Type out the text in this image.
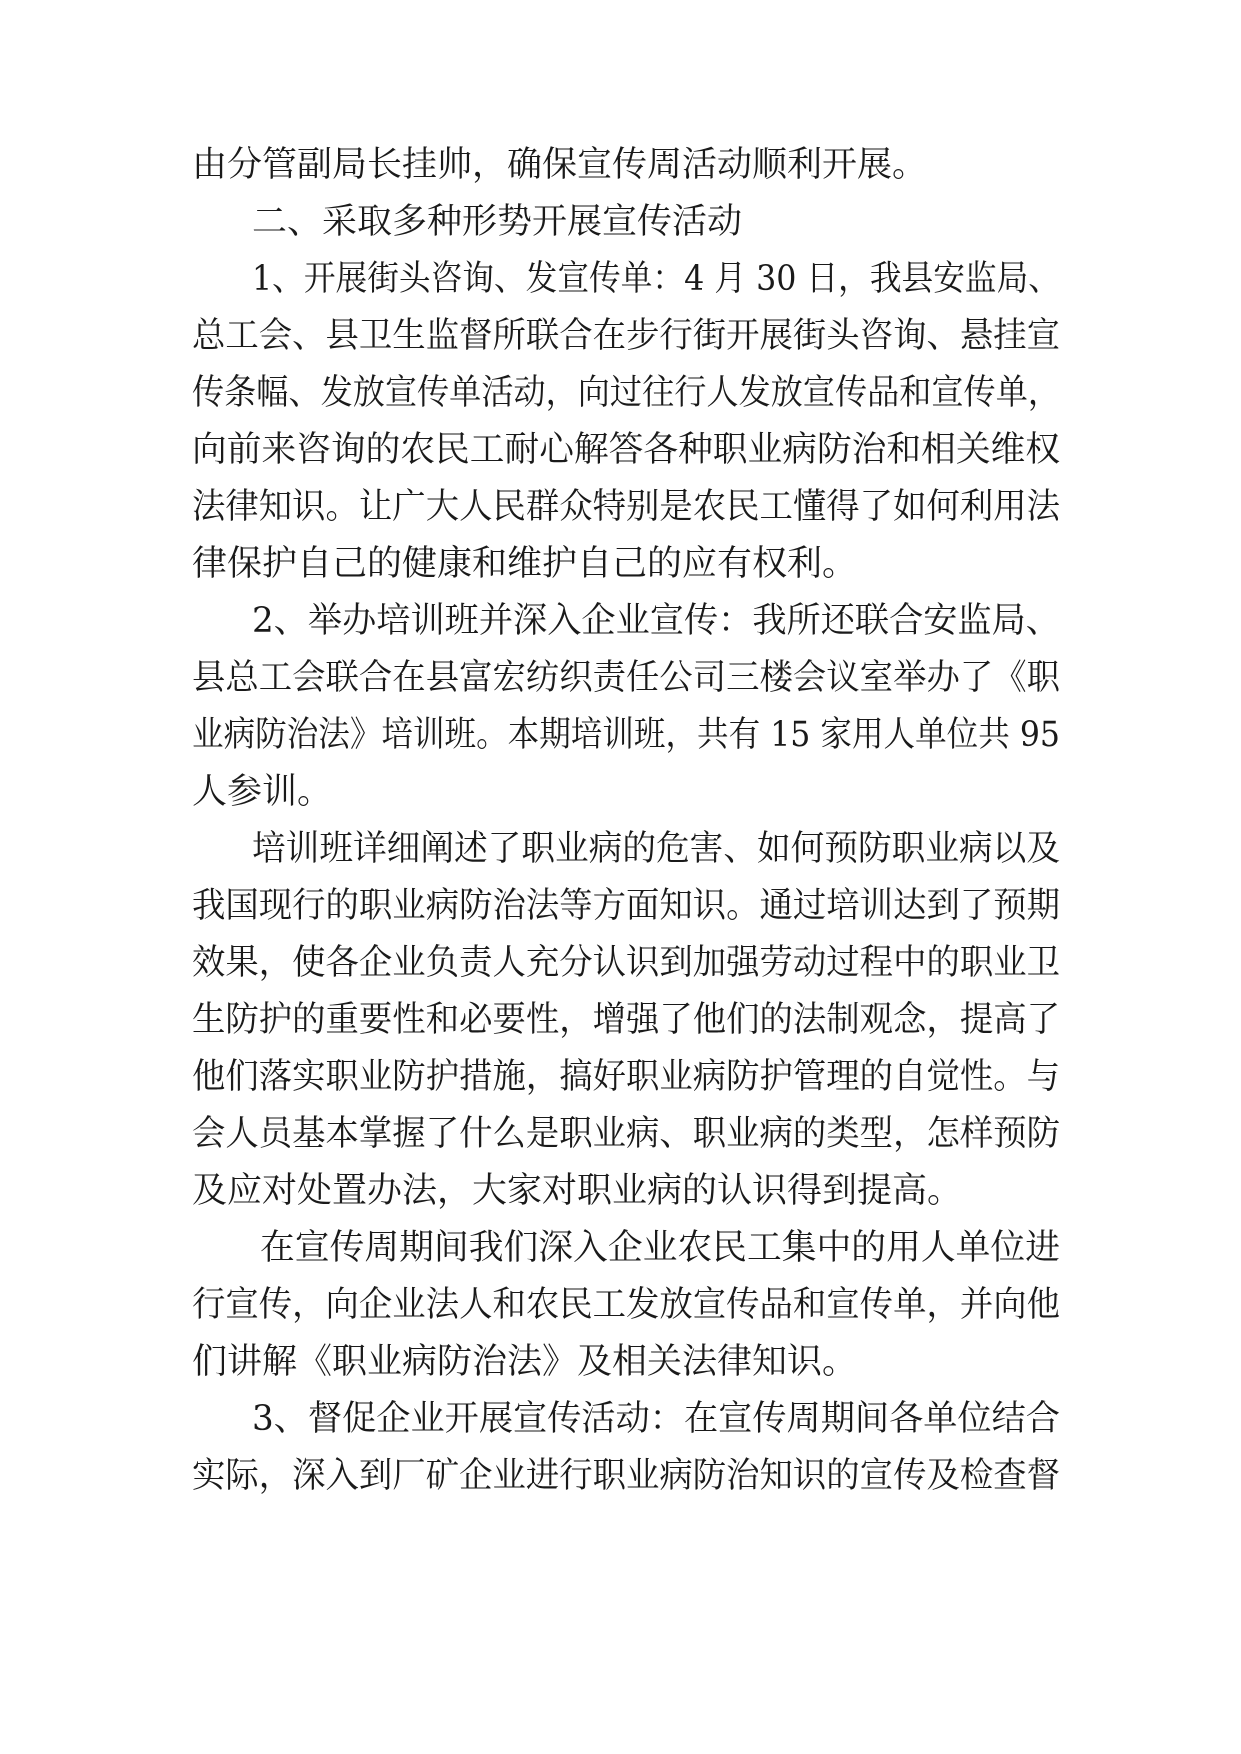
由分管副局长挂帅，确保宣传周活动顺利开展。

二、采取多种形势开展宣传活动

1、开展街头咨询、发宣传单：4 月 30 日，我县安监局、

总工会、县卫生监督所联合在步行街开展街头咨询、悬挂宣

传条幅、发放宣传单活动，向过往行人发放宣传品和宣传单，

向前来咨询的农民工耐心解答各种职业病防治和相关维权

法律知识。让广大人民群众特别是农民工懂得了如何利用法

律保护自己的健康和维护自己的应有权利。

2、举办培训班并深入企业宣传：我所还联合安监局、

县总工会联合在县富宏纺织责任公司三楼会议室举办了《职

业病防治法》培训班。本期培训班，共有 15 家用人单位共 95

人参训。

培训班详细阐述了职业病的危害、如何预防职业病以及

我国现行的职业病防治法等方面知识。通过培训达到了预期

效果，使各企业负责人充分认识到加强劳动过程中的职业卫

生防护的重要性和必要性，增强了他们的法制观念，提高了

他们落实职业防护措施，搞好职业病防护管理的自觉性。与

会人员基本掌握了什么是职业病、职业病的类型，怎样预防

及应对处置办法，大家对职业病的认识得到提高。

在宣传周期间我们深入企业农民工集中的用人单位进

行宣传，向企业法人和农民工发放宣传品和宣传单，并向他

们讲解《职业病防治法》及相关法律知识。

3、督促企业开展宣传活动：在宣传周期间各单位结合

实际，深入到厂矿企业进行职业病防治知识的宣传及检查督
